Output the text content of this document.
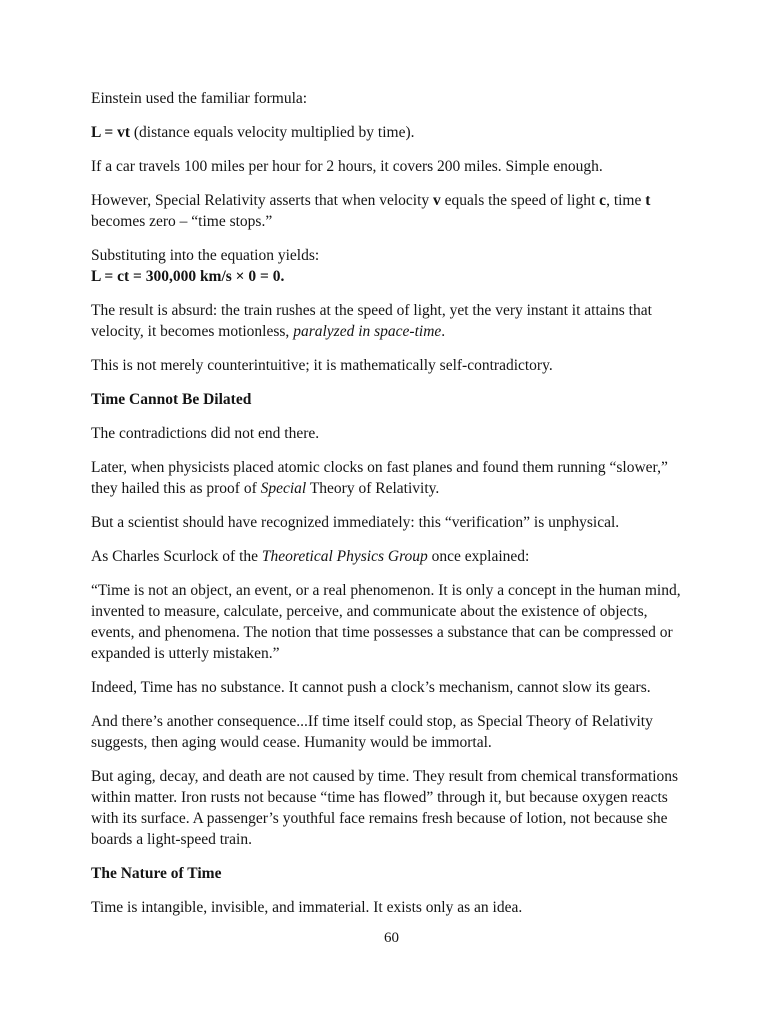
Einstein used the familiar formula:

L = vt (distance equals velocity multiplied by time).

If a car travels 100 miles per hour for 2 hours, it covers 200 miles. Simple enough.

However, Special Relativity asserts that when velocity v equals the speed of light c, time t becomes zero – “time stops.”

Substituting into the equation yields:
L = ct = 300,000 km/s × 0 = 0.

The result is absurd: the train rushes at the speed of light, yet the very instant it attains that velocity, it becomes motionless, paralyzed in space-time.

This is not merely counterintuitive; it is mathematically self-contradictory.

Time Cannot Be Dilated

The contradictions did not end there.

Later, when physicists placed atomic clocks on fast planes and found them running “slower,” they hailed this as proof of Special Theory of Relativity.

But a scientist should have recognized immediately: this “verification” is unphysical.

As Charles Scurlock of the Theoretical Physics Group once explained:

“Time is not an object, an event, or a real phenomenon. It is only a concept in the human mind, invented to measure, calculate, perceive, and communicate about the existence of objects, events, and phenomena. The notion that time possesses a substance that can be compressed or expanded is utterly mistaken.”

Indeed, Time has no substance. It cannot push a clock’s mechanism, cannot slow its gears.

And there’s another consequence...If time itself could stop, as Special Theory of Relativity suggests, then aging would cease. Humanity would be immortal.

But aging, decay, and death are not caused by time. They result from chemical transformations within matter. Iron rusts not because “time has flowed” through it, but because oxygen reacts with its surface. A passenger’s youthful face remains fresh because of lotion, not because she boards a light-speed train.

The Nature of Time

Time is intangible, invisible, and immaterial. It exists only as an idea.

60
